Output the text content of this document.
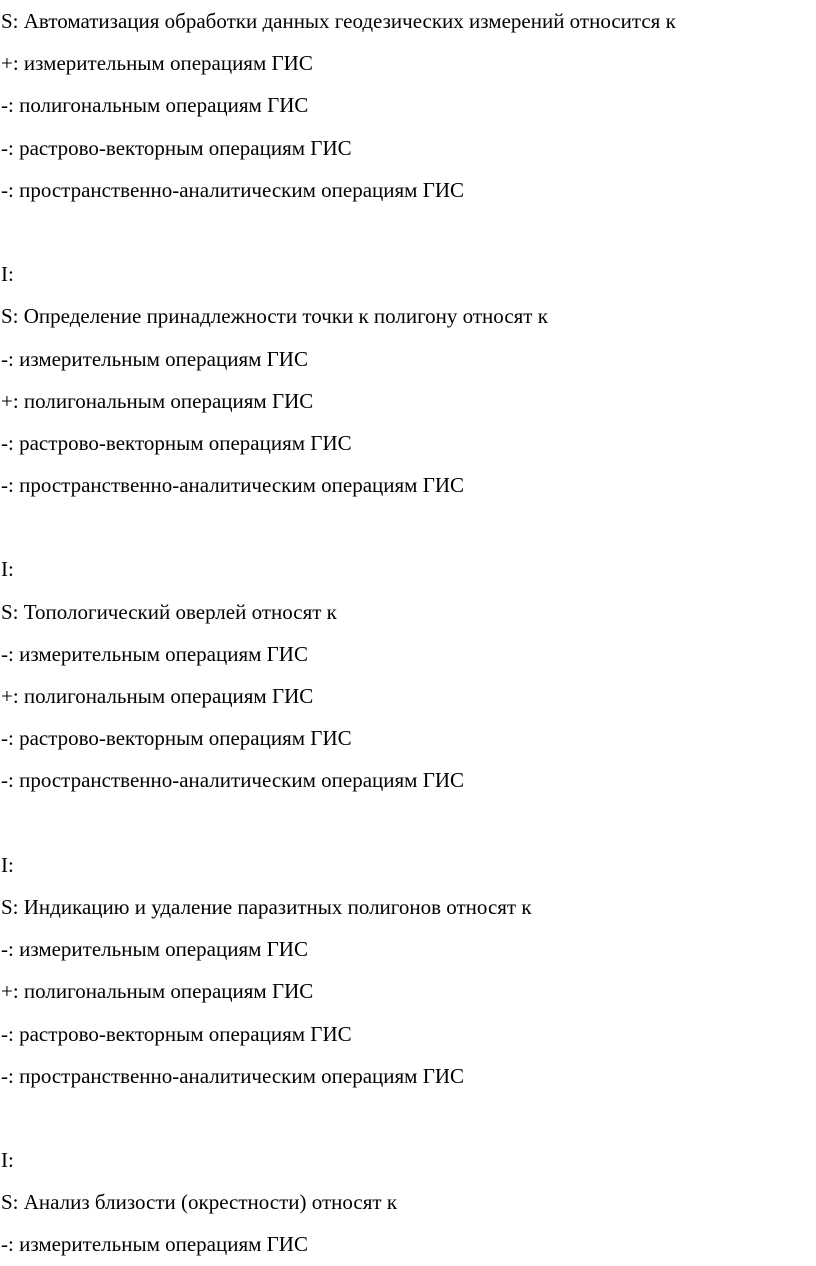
S: Автоматизация обработки данных геодезических измерений относится к
+: измерительным операциям ГИС
-: полигональным операциям ГИС
-: растрово-векторным операциям ГИС
-: пространственно-аналитическим операциям ГИС
I:
S: Определение принадлежности точки к полигону относят к
-: измерительным операциям ГИС
+: полигональным операциям ГИС
-: растрово-векторным операциям ГИС
-: пространственно-аналитическим операциям ГИС
I:
S: Топологический оверлей относят к
-: измерительным операциям ГИС
+: полигональным операциям ГИС
-: растрово-векторным операциям ГИС
-: пространственно-аналитическим операциям ГИС
I:
S: Индикацию и удаление паразитных полигонов относят к
-: измерительным операциям ГИС
+: полигональным операциям ГИС
-: растрово-векторным операциям ГИС
-: пространственно-аналитическим операциям ГИС
I:
S: Анализ близости (окрестности) относят к
-: измерительным операциям ГИС
